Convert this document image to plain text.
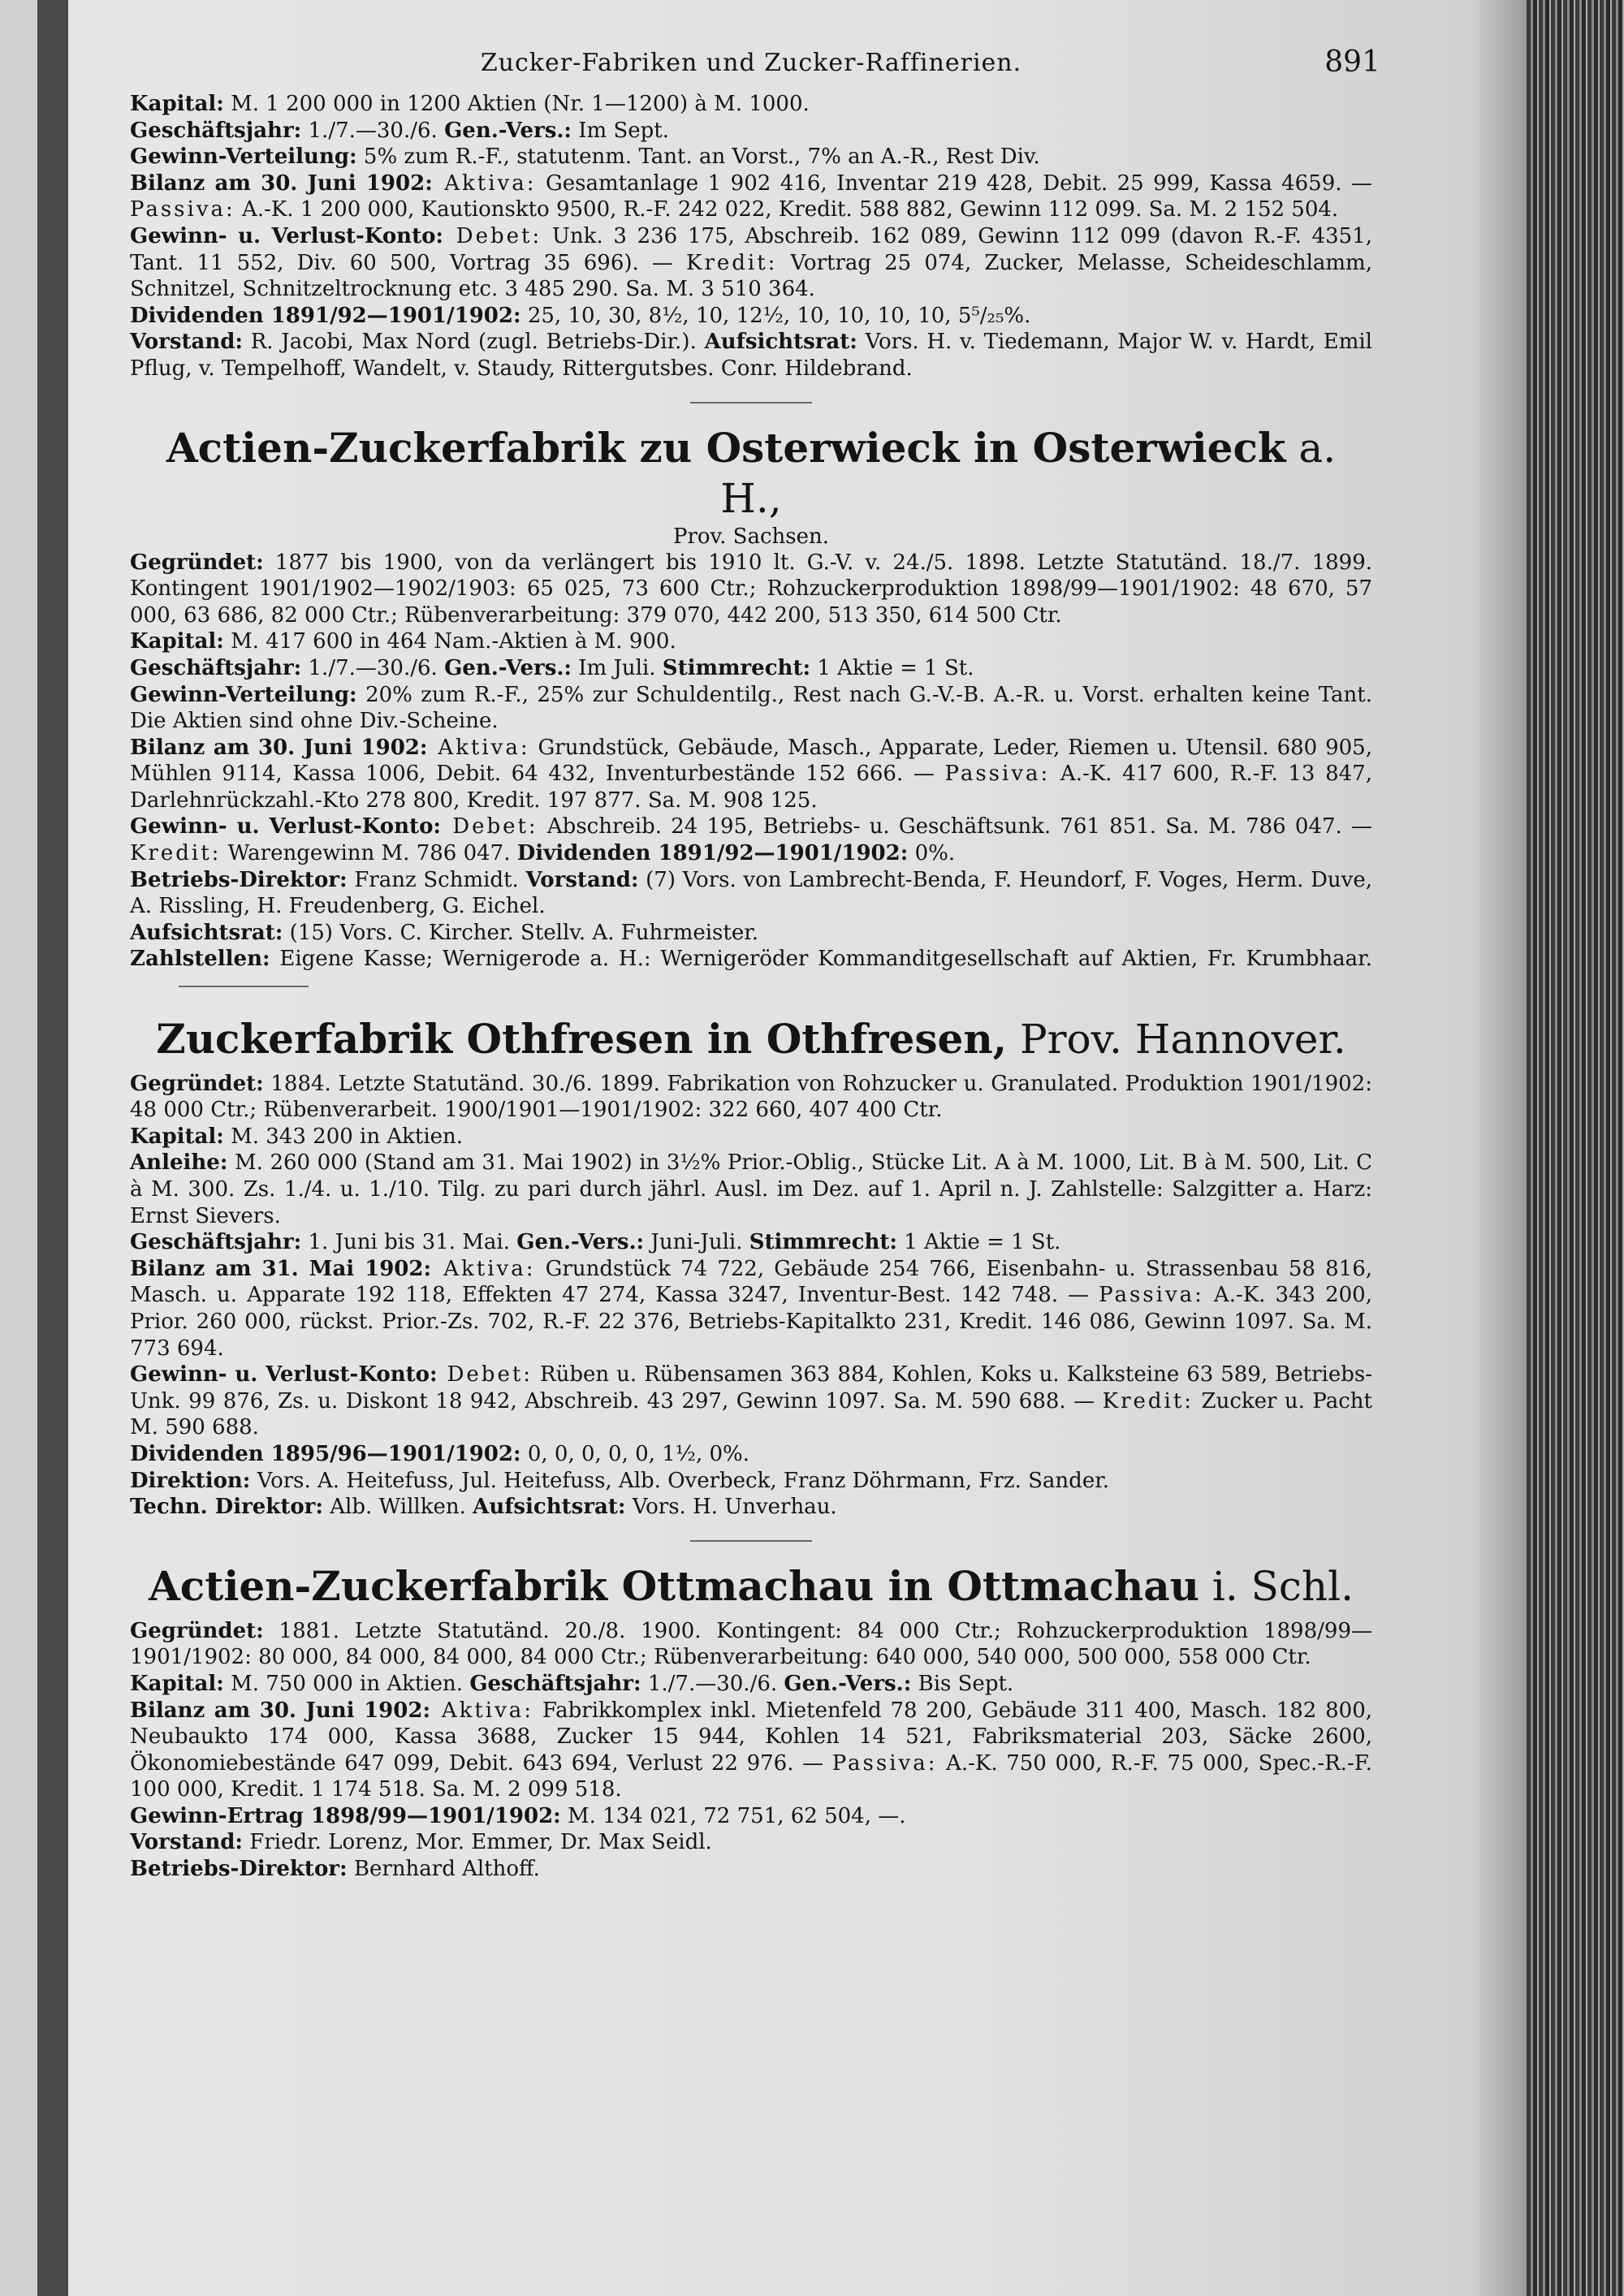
Zucker-Fabriken und Zucker-Raffinerien.	891
Kapital: M. 1 200 000 in 1200 Aktien (Nr. 1—1200) à M. 1000.
Geschäftsjahr: 1./7.—30./6. Gen.-Vers.: Im Sept.
Gewinn-Verteilung: 5% zum R.-F., statutenm. Tant. an Vorst., 7% an A.-R., Rest Div.
Bilanz am 30. Juni 1902: Aktiva: Gesamtanlage 1 902 416, Inventar 219 428, Debit. 25 999, Kassa 4659. — Passiva: A.-K. 1 200 000, Kautionskto 9500, R.-F. 242 022, Kredit. 588 882, Gewinn 112 099. Sa. M. 2 152 504.
Gewinn- u. Verlust-Konto: Debet: Unk. 3 236 175, Abschreib. 162 089, Gewinn 112 099 (davon R.-F. 4351, Tant. 11 552, Div. 60 500, Vortrag 35 696). — Kredit: Vortrag 25 074, Zucker, Melasse, Scheideschlamm, Schnitzel, Schnitzeltrocknung etc. 3 485 290. Sa. M. 3 510 364.
Dividenden 1891/92—1901/1902: 25, 10, 30, 8½, 10, 12½, 10, 10, 10, 10, 5⁵/₂₅%.
Vorstand: R. Jacobi, Max Nord (zugl. Betriebs-Dir.). Aufsichtsrat: Vors. H. v. Tiedemann, Major W. v. Hardt, Emil Pflug, v. Tempelhoff, Wandelt, v. Staudy, Rittergutsbes. Conr. Hildebrand.
Actien-Zuckerfabrik zu Osterwieck in Osterwieck a. H.,
Prov. Sachsen.
Gegründet: 1877 bis 1900, von da verlängert bis 1910 lt. G.-V. v. 24./5. 1898. Letzte Statutänd. 18./7. 1899. Kontingent 1901/1902—1902/1903: 65 025, 73 600 Ctr.; Rohzuckerproduktion 1898/99—1901/1902: 48 670, 57 000, 63 686, 82 000 Ctr.; Rübenverarbeitung: 379 070, 442 200, 513 350, 614 500 Ctr.
Kapital: M. 417 600 in 464 Nam.-Aktien à M. 900.
Geschäftsjahr: 1./7.—30./6. Gen.-Vers.: Im Juli. Stimmrecht: 1 Aktie = 1 St.
Gewinn-Verteilung: 20% zum R.-F., 25% zur Schuldentilg., Rest nach G.-V.-B. A.-R. u. Vorst. erhalten keine Tant. Die Aktien sind ohne Div.-Scheine.
Bilanz am 30. Juni 1902: Aktiva: Grundstück, Gebäude, Masch., Apparate, Leder, Riemen u. Utensil. 680 905, Mühlen 9114, Kassa 1006, Debit. 64 432, Inventurbestände 152 666. — Passiva: A.-K. 417 600, R.-F. 13 847, Darlehnrückzahl.-Kto 278 800, Kredit. 197 877. Sa. M. 908 125.
Gewinn- u. Verlust-Konto: Debet: Abschreib. 24 195, Betriebs- u. Geschäftsunk. 761 851. Sa. M. 786 047. — Kredit: Warengewinn M. 786 047. Dividenden 1891/92—1901/1902: 0%.
Betriebs-Direktor: Franz Schmidt. Vorstand: (7) Vors. von Lambrecht-Benda, F. Heundorf, F. Voges, Herm. Duve, A. Rissling, H. Freudenberg, G. Eichel.
Aufsichtsrat: (15) Vors. C. Kircher. Stellv. A. Fuhrmeister.
Zahlstellen: Eigene Kasse; Wernigerode a. H.: Wernigeröder Kommanditgesellschaft auf Aktien, Fr. Krumbhaar.
Zuckerfabrik Othfresen in Othfresen, Prov. Hannover.
Gegründet: 1884. Letzte Statutänd. 30./6. 1899. Fabrikation von Rohzucker u. Granulated. Produktion 1901/1902: 48 000 Ctr.; Rübenverarbeit. 1900/1901—1901/1902: 322 660, 407 400 Ctr.
Kapital: M. 343 200 in Aktien.
Anleihe: M. 260 000 (Stand am 31. Mai 1902) in 3½% Prior.-Oblig., Stücke Lit. A à M. 1000, Lit. B à M. 500, Lit. C à M. 300. Zs. 1./4. u. 1./10. Tilg. zu pari durch jährl. Ausl. im Dez. auf 1. April n. J. Zahlstelle: Salzgitter a. Harz: Ernst Sievers.
Geschäftsjahr: 1. Juni bis 31. Mai. Gen.-Vers.: Juni-Juli. Stimmrecht: 1 Aktie = 1 St.
Bilanz am 31. Mai 1902: Aktiva: Grundstück 74 722, Gebäude 254 766, Eisenbahn- u. Strassenbau 58 816, Masch. u. Apparate 192 118, Effekten 47 274, Kassa 3247, Inventur-Best. 142 748. — Passiva: A.-K. 343 200, Prior. 260 000, rückst. Prior.-Zs. 702, R.-F. 22 376, Betriebs-Kapitalkto 231, Kredit. 146 086, Gewinn 1097. Sa. M. 773 694.
Gewinn- u. Verlust-Konto: Debet: Rüben u. Rübensamen 363 884, Kohlen, Koks u. Kalksteine 63 589, Betriebs-Unk. 99 876, Zs. u. Diskont 18 942, Abschreib. 43 297, Gewinn 1097. Sa. M. 590 688. — Kredit: Zucker u. Pacht M. 590 688.
Dividenden 1895/96—1901/1902: 0, 0, 0, 0, 0, 1½, 0%.
Direktion: Vors. A. Heitefuss, Jul. Heitefuss, Alb. Overbeck, Franz Döhrmann, Frz. Sander.
Techn. Direktor: Alb. Willken. Aufsichtsrat: Vors. H. Unverhau.
Actien-Zuckerfabrik Ottmachau in Ottmachau i. Schl.
Gegründet: 1881. Letzte Statutänd. 20./8. 1900. Kontingent: 84 000 Ctr.; Rohzuckerproduktion 1898/99—1901/1902: 80 000, 84 000, 84 000, 84 000 Ctr.; Rübenverarbeitung: 640 000, 540 000, 500 000, 558 000 Ctr.
Kapital: M. 750 000 in Aktien. Geschäftsjahr: 1./7.—30./6. Gen.-Vers.: Bis Sept.
Bilanz am 30. Juni 1902: Aktiva: Fabrikkomplex inkl. Mietenfeld 78 200, Gebäude 311 400, Masch. 182 800, Neubaukto 174 000, Kassa 3688, Zucker 15 944, Kohlen 14 521, Fabriksmaterial 203, Säcke 2600, Ökonomiebestände 647 099, Debit. 643 694, Verlust 22 976. — Passiva: A.-K. 750 000, R.-F. 75 000, Spec.-R.-F. 100 000, Kredit. 1 174 518. Sa. M. 2 099 518.
Gewinn-Ertrag 1898/99—1901/1902: M. 134 021, 72 751, 62 504, —.
Vorstand: Friedr. Lorenz, Mor. Emmer, Dr. Max Seidl.
Betriebs-Direktor: Bernhard Althoff.
